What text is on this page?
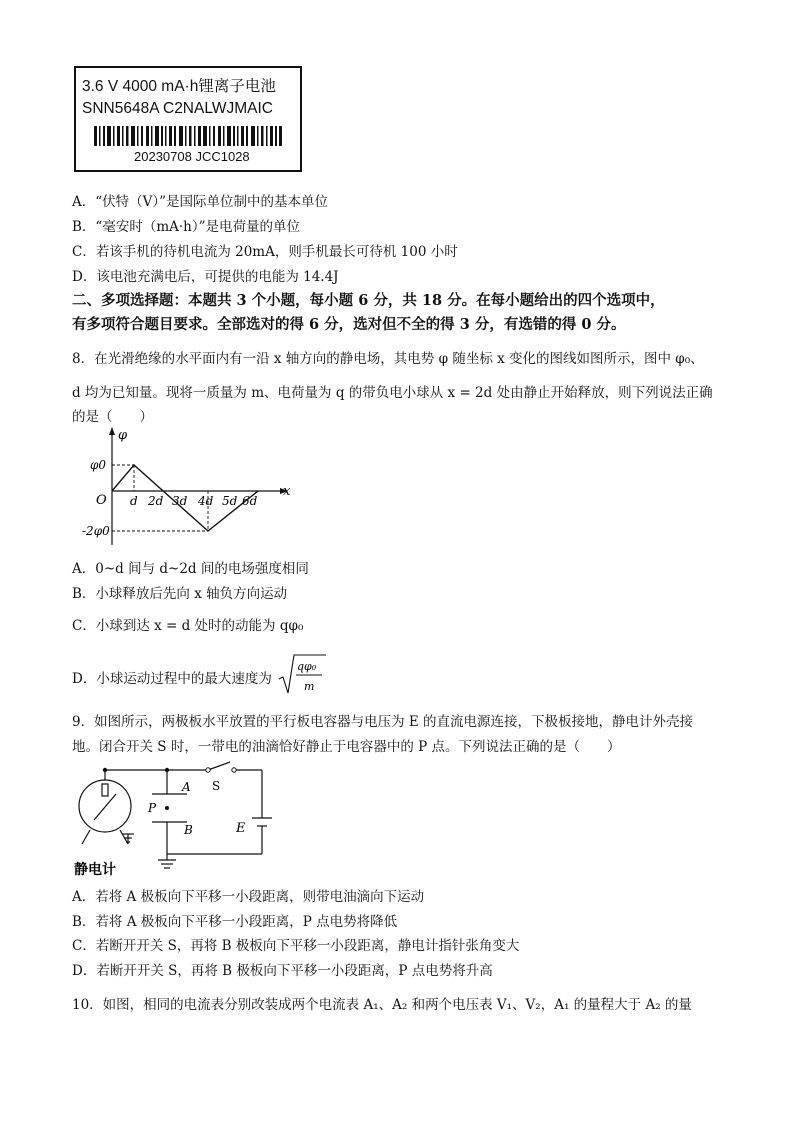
3.6 V 4000 mA·h锂离子电池
SNN5648A C2NALWJMAIC
20230708 JCC1028
A．“伏特（V）”是国际单位制中的基本单位
B．“毫安时（mA·h）”是电荷量的单位
C．若该手机的待机电流为 20mA，则手机最长可待机 100 小时
D．该电池充满电后，可提供的电能为 14.4J
二、多项选择题：本题共 3 个小题，每小题 6 分，共 18 分。在每小题给出的四个选项中，
有多项符合题目要求。全部选对的得 6 分，选对但不全的得 3 分，有选错的得 0 分。
8．在光滑绝缘的水平面内有一沿 x 轴方向的静电场，其电势 φ 随坐标 x 变化的图线如图所示，图中 φ₀、
d 均为已知量。现将一质量为 m、电荷量为 q 的带负电小球从 x = 2d 处由静止开始释放，则下列说法正确
的是（　　）
φ
x
O
φ0
-2φ0
d 2d 3d 4d 5d 6d
A．0~d 间与 d~2d 间的电场强度相同
B．小球释放后先向 x 轴负方向运动
C．小球到达 x = d 处时的动能为 qφ₀
D．小球运动过程中的最大速度为
qφ₀
m
9．如图所示，两极板水平放置的平行板电容器与电压为 E 的直流电源连接，下极板接地，静电计外壳接
地。闭合开关 S 时，一带电的油滴恰好静止于电容器中的 P 点。下列说法正确的是（　　）
S
A
B
P
E
静电计
A．若将 A 极板向下平移一小段距离，则带电油滴向下运动
B．若将 A 极板向下平移一小段距离，P 点电势将降低
C．若断开开关 S，再将 B 极板向下平移一小段距离，静电计指针张角变大
D．若断开开关 S，再将 B 极板向下平移一小段距离，P 点电势将升高
10．如图，相同的电流表分别改装成两个电流表 A₁、A₂ 和两个电压表 V₁、V₂，A₁ 的量程大于 A₂ 的量
